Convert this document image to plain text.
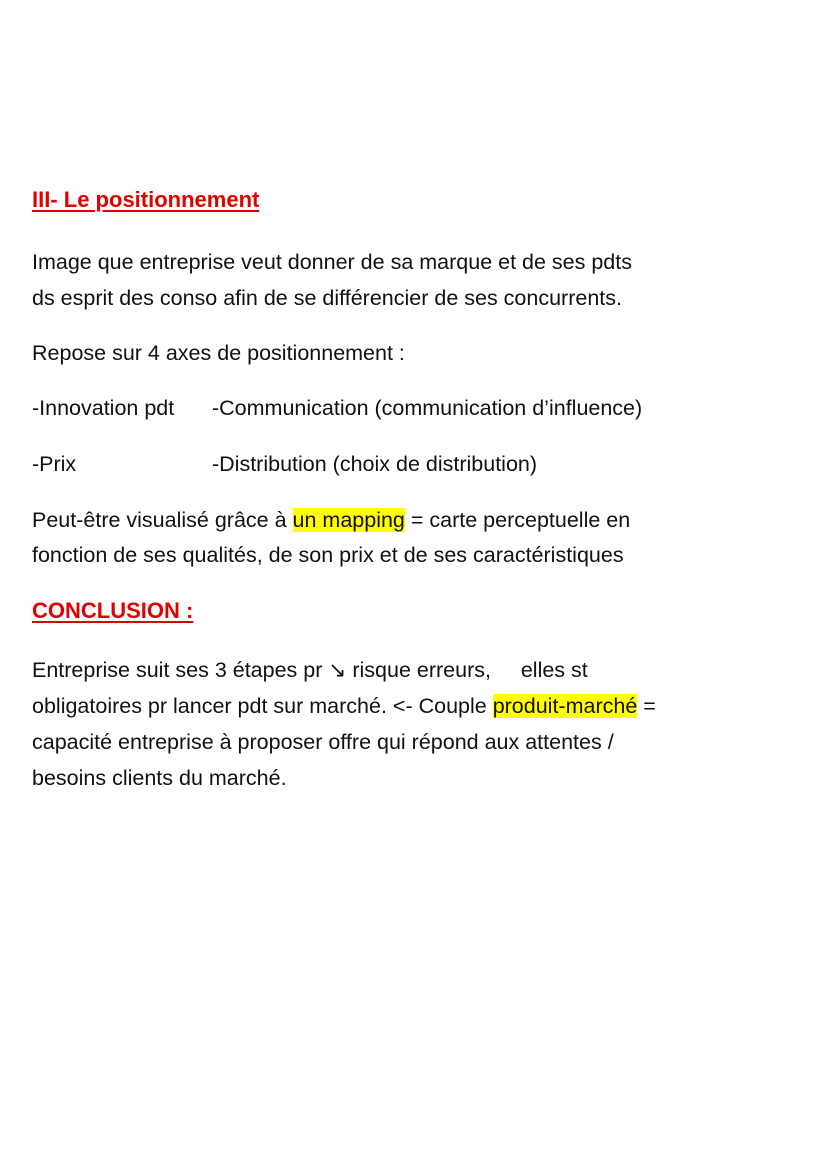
III- Le positionnement
Image que entreprise veut donner de sa marque et de ses pdts
ds esprit des conso afin de se différencier de ses concurrents.
Repose sur 4 axes de positionnement :
-Innovation pdt -Communication (communication d’influence)
-Prix	-Distribution (choix de distribution)
Peut-être visualisé grâce à un mapping = carte perceptuelle en
fonction de ses qualités, de son prix et de ses caractéristiques
CONCLUSION :
Entreprise suit ses 3 étapes pr ↘ risque erreurs,     elles st
obligatoires pr lancer pdt sur marché. <- Couple produit-marché =
capacité entreprise à proposer offre qui répond aux attentes /
besoins clients du marché.
